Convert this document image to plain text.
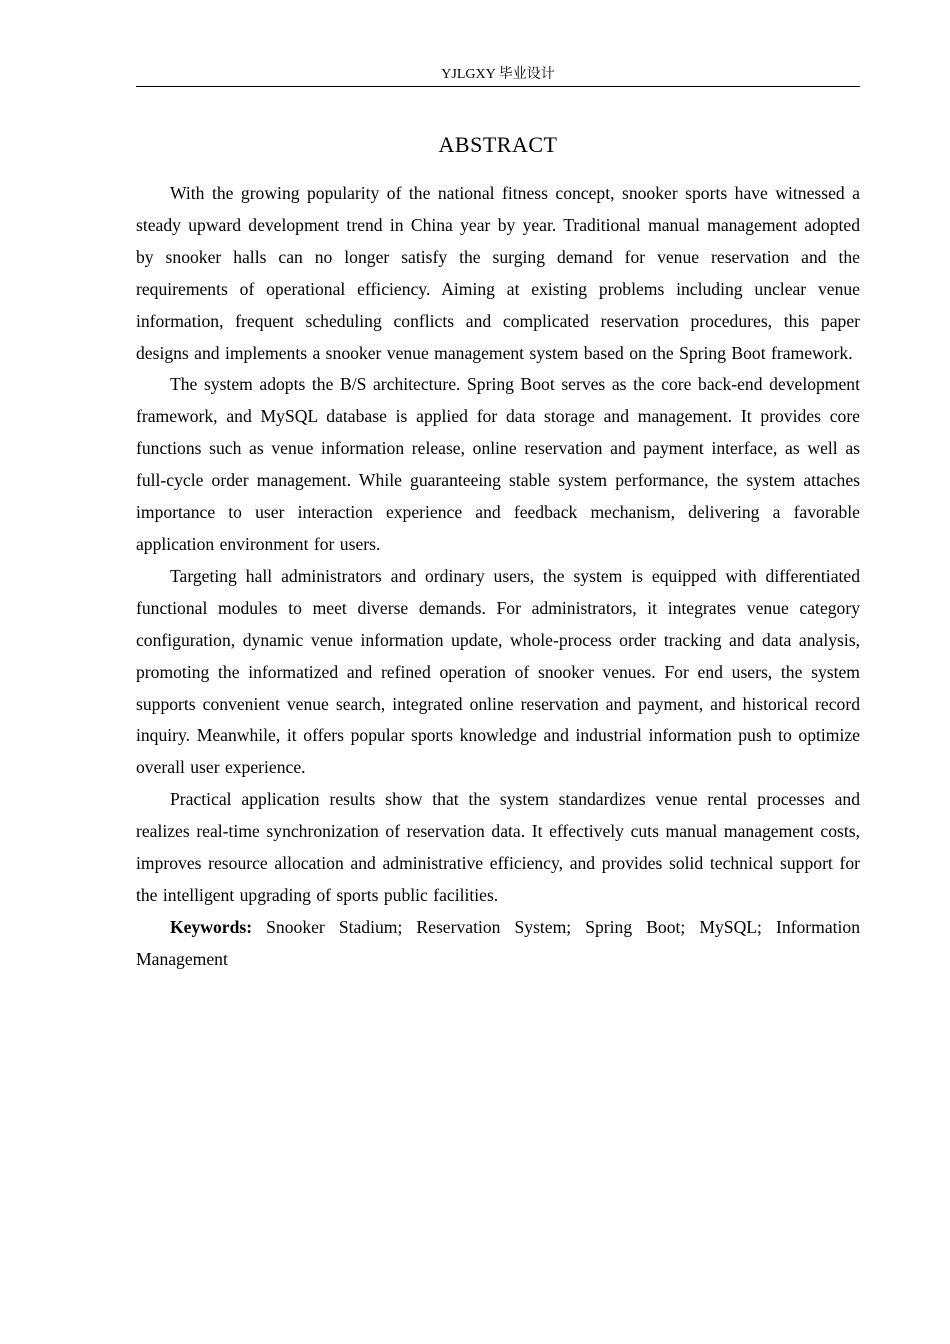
YJLGXY 毕业设计
ABSTRACT

With the growing popularity of the national fitness concept, snooker sports have witnessed a steady upward development trend in China year by year. Traditional manual management adopted by snooker halls can no longer satisfy the surging demand for venue reservation and the requirements of operational efficiency. Aiming at existing problems including unclear venue information, frequent scheduling conflicts and complicated reservation procedures, this paper designs and implements a snooker venue management system based on the Spring Boot framework.

The system adopts the B/S architecture. Spring Boot serves as the core back-end development framework, and MySQL database is applied for data storage and management. It provides core functions such as venue information release, online reservation and payment interface, as well as full-cycle order management. While guaranteeing stable system performance, the system attaches importance to user interaction experience and feedback mechanism, delivering a favorable application environment for users.

Targeting hall administrators and ordinary users, the system is equipped with differentiated functional modules to meet diverse demands. For administrators, it integrates venue category configuration, dynamic venue information update, whole-process order tracking and data analysis, promoting the informatized and refined operation of snooker venues. For end users, the system supports convenient venue search, integrated online reservation and payment, and historical record inquiry. Meanwhile, it offers popular sports knowledge and industrial information push to optimize overall user experience.

Practical application results show that the system standardizes venue rental processes and realizes real-time synchronization of reservation data. It effectively cuts manual management costs, improves resource allocation and administrative efficiency, and provides solid technical support for the intelligent upgrading of sports public facilities.

Keywords: Snooker Stadium; Reservation System; Spring Boot; MySQL; Information Management
